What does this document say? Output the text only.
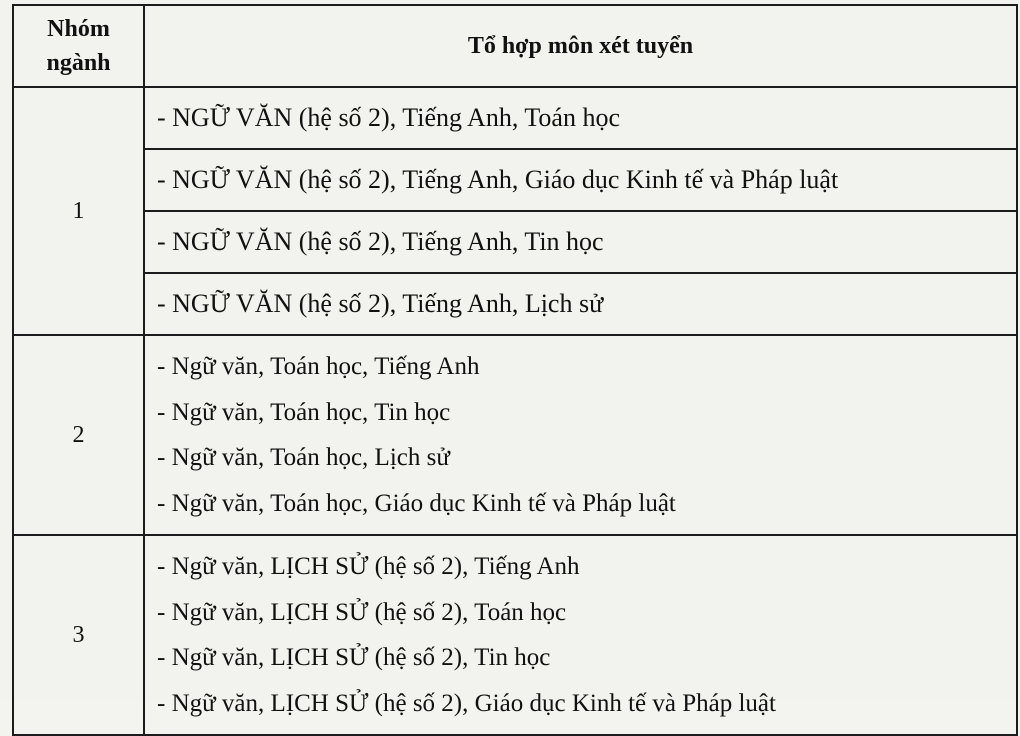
Nhóm
ngành	Tổ hợp môn xét tuyển
1	- NGỮ VĂN (hệ số 2), Tiếng Anh, Toán học
	- NGỮ VĂN (hệ số 2), Tiếng Anh, Giáo dục Kinh tế và Pháp luật
	- NGỮ VĂN (hệ số 2), Tiếng Anh, Tin học
	- NGỮ VĂN (hệ số 2), Tiếng Anh, Lịch sử
2	- Ngữ văn, Toán học, Tiếng Anh
- Ngữ văn, Toán học, Tin học
- Ngữ văn, Toán học, Lịch sử
- Ngữ văn, Toán học, Giáo dục Kinh tế và Pháp luật

3	- Ngữ văn, LỊCH SỬ (hệ số 2), Tiếng Anh
- Ngữ văn, LỊCH SỬ (hệ số 2), Toán học
- Ngữ văn, LỊCH SỬ (hệ số 2), Tin học
- Ngữ văn, LỊCH SỬ (hệ số 2), Giáo dục Kinh tế và Pháp luật
